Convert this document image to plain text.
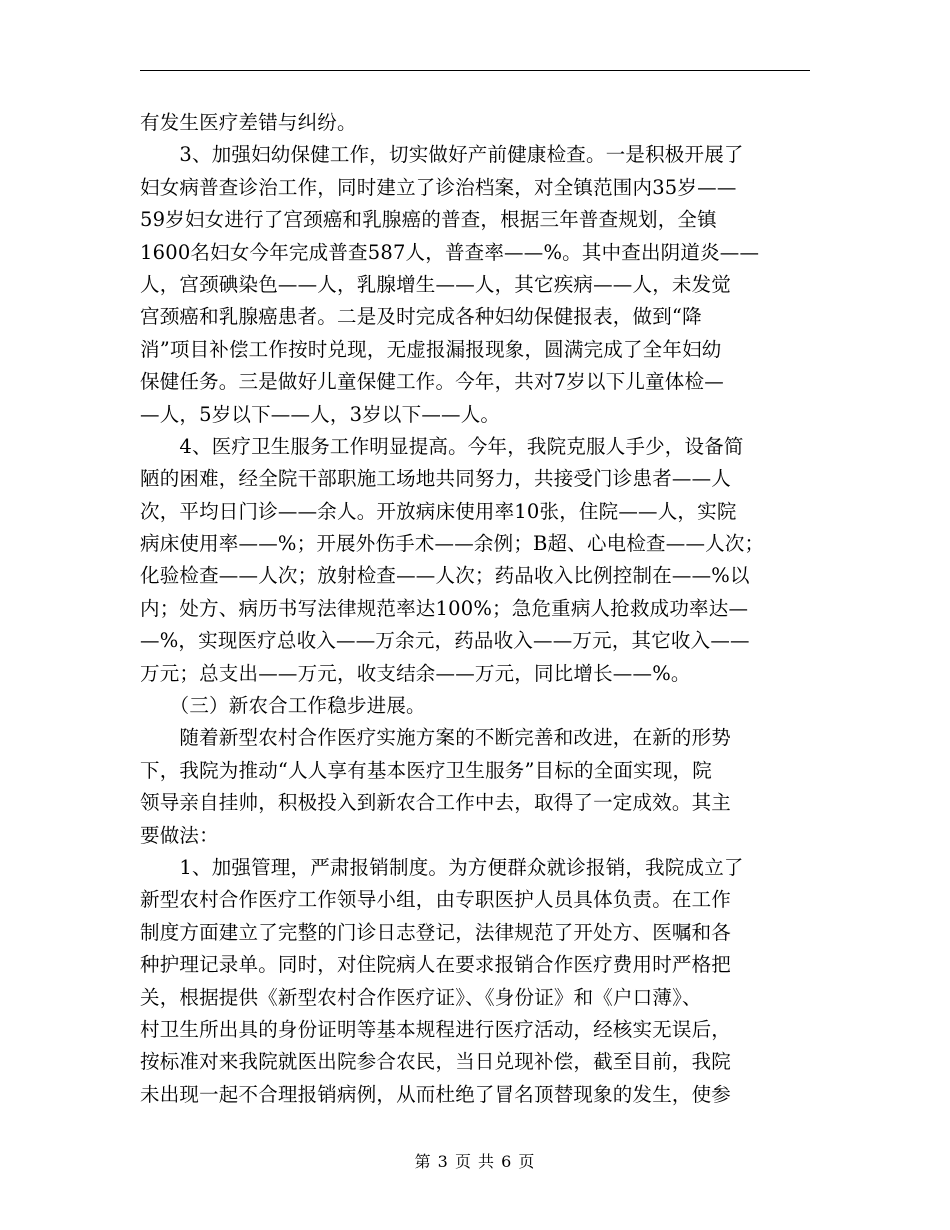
有发生医疗差错与纠纷。
　　3、加强妇幼保健工作，切实做好产前健康检查。一是积极开展了
妇女病普查诊治工作，同时建立了诊治档案，对全镇范围内35岁——
59岁妇女进行了宫颈癌和乳腺癌的普查，根据三年普查规划，全镇
1600名妇女今年完成普查587人，普查率——%。其中查出阴道炎——
人，宫颈碘染色——人，乳腺增生——人，其它疾病——人，未发觉
宫颈癌和乳腺癌患者。二是及时完成各种妇幼保健报表，做到“降
消”项目补偿工作按时兑现，无虚报漏报现象，圆满完成了全年妇幼
保健任务。三是做好儿童保健工作。今年，共对7岁以下儿童体检—
—人，5岁以下——人，3岁以下——人。
　　4、医疗卫生服务工作明显提高。今年，我院克服人手少，设备简
陋的困难，经全院干部职施工场地共同努力，共接受门诊患者——人
次，平均日门诊——余人。开放病床使用率10张，住院——人，实院
病床使用率——%；开展外伤手术——余例；B超、心电检查——人次；
化验检查——人次；放射检查——人次；药品收入比例控制在——%以
内；处方、病历书写法律规范率达100%；急危重病人抢救成功率达—
—%，实现医疗总收入——万余元，药品收入——万元，其它收入——
万元；总支出——万元，收支结余——万元，同比增长——%。
　　（三）新农合工作稳步进展。
　　随着新型农村合作医疗实施方案的不断完善和改进，在新的形势
下，我院为推动“人人享有基本医疗卫生服务”目标的全面实现，院
领导亲自挂帅，积极投入到新农合工作中去，取得了一定成效。其主
要做法：
　　1、加强管理，严肃报销制度。为方便群众就诊报销，我院成立了
新型农村合作医疗工作领导小组，由专职医护人员具体负责。在工作
制度方面建立了完整的门诊日志登记，法律规范了开处方、医嘱和各
种护理记录单。同时，对住院病人在要求报销合作医疗费用时严格把
关，根据提供《新型农村合作医疗证》、《身份证》和《户口薄》、
村卫生所出具的身份证明等基本规程进行医疗活动，经核实无误后，
按标准对来我院就医出院参合农民，当日兑现补偿，截至目前，我院
未出现一起不合理报销病例，从而杜绝了冒名顶替现象的发生，使参
第 3 页 共 6 页
